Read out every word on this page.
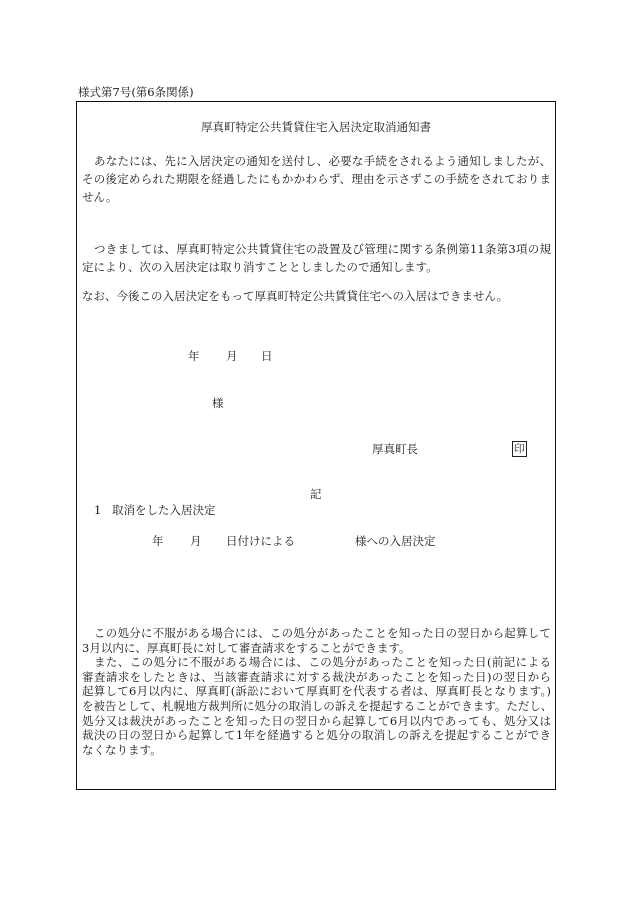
様式第7号(第6条関係)
厚真町特定公共賃貸住宅入居決定取消通知書
あなたには、先に入居決定の通知を送付し、必要な手続をされるよう通知しましたが、
その後定められた期限を経過したにもかかわらず、理由を示さずこの手続をされておりま
せん。
つきましては、厚真町特定公共賃貸住宅の設置及び管理に関する条例第11条第3項の規
定により、次の入居決定は取り消すこととしましたので通知します。
なお、今後この入居決定をもって厚真町特定公共賃貸住宅への入居はできません。
年 月 日
様
厚真町長	印
記
1 取消をした入居決定
年 月 日付けによる	様への入居決定
この処分に不服がある場合には、この処分があったことを知った日の翌日から起算して
3月以内に、厚真町長に対して審査請求をすることができます。
また、この処分に不服がある場合には、この処分があったことを知った日(前記による
審査請求をしたときは、当該審査請求に対する裁決があったことを知った日)の翌日から
起算して6月以内に、厚真町(訴訟において厚真町を代表する者は、厚真町長となります。)
を被告として、札幌地方裁判所に処分の取消しの訴えを提起することができます。ただし、
処分又は裁決があったことを知った日の翌日から起算して6月以内であっても、処分又は
裁決の日の翌日から起算して1年を経過すると処分の取消しの訴えを提起することができ
なくなります。
